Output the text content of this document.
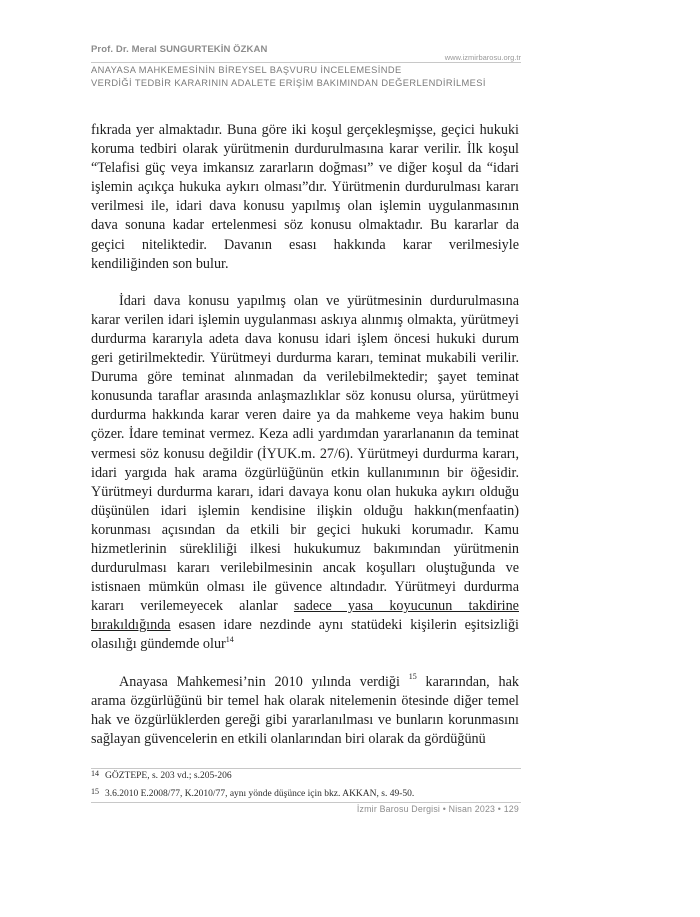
Prof. Dr. Meral SUNGURTEKİN ÖZKAN
www.izmirbarosu.org.tr
ANAYASA MAHKEMESİNİN BİREYSEL BAŞVURU İNCELEMESİNDE
VERDİĞİ TEDBİR KARARININ ADALETE ERİŞİM BAKIMINDAN DEĞERLENDİRİLMESİ

fıkrada yer almaktadır. Buna göre iki koşul gerçekleşmişse, geçici hukuki koruma tedbiri olarak yürütmenin durdurulmasına karar verilir. İlk koşul “Telafisi güç veya imkansız zararların doğması” ve diğer koşul da “idari işlemin açıkça hukuka aykırı olması”dır. Yürütmenin durdurulması kararı verilmesi ile, idari dava konusu yapılmış olan işlemin uygulanmasının dava sonuna kadar ertelenmesi söz konusu olmaktadır. Bu kararlar da geçici niteliktedir. Davanın esası hakkında karar verilmesiyle kendiliğinden son bulur.

İdari dava konusu yapılmış olan ve yürütmesinin durdurulmasına karar verilen idari işlemin uygulanması askıya alınmış olmakta, yürütmeyi durdurma kararıyla adeta dava konusu idari işlem öncesi hukuki durum geri getirilmektedir. Yürütmeyi durdurma kararı, teminat mukabili verilir. Duruma göre teminat alınmadan da verilebilmektedir; şayet teminat konusunda taraflar arasında anlaşmazlıklar söz konusu olursa, yürütmeyi durdurma hakkında karar veren daire ya da mahkeme veya hakim bunu çözer. İdare teminat vermez. Keza adli yardımdan yararlananın da teminat vermesi söz konusu değildir (İYUK.m. 27/6). Yürütmeyi durdurma kararı, idari yargıda hak arama özgürlüğünün etkin kullanımının bir öğesidir. Yürütmeyi durdurma kararı, idari davaya konu olan hukuka aykırı olduğu düşünülen idari işlemin kendisine ilişkin olduğu hakkın(menfaatin) korunması açısından da etkili bir geçici hukuki korumadır. Kamu hizmetlerinin sürekliliği ilkesi hukukumuz bakımından yürütmenin durdurulması kararı verilebilmesinin ancak koşulları oluştuğunda ve istisnaen mümkün olması ile güvence altındadır. Yürütmeyi durdurma kararı verilemeyecek alanlar sadece yasa koyucunun takdirine bırakıldığında esasen idare nezdinde aynı statüdeki kişilerin eşitsizliği olasılığı gündemde olur$^{14}$

Anayasa Mahkemesi’nin 2010 yılında verdiği $^{15}$ kararından, hak arama özgürlüğünü bir temel hak olarak nitelemenin ötesinde diğer temel hak ve özgürlüklerden gereği gibi yararlanılması ve bunların korunmasını sağlayan güvencelerin en etkili olanlarından biri olarak da gördüğünü

14 GÖZTEPE, s. 203 vd.; s.205-206
15 3.6.2010 E.2008/77, K.2010/77, aynı yönde düşünce için bkz. AKKAN, s. 49-50.
İzmir Barosu Dergisi • Nisan 2023 • 129
